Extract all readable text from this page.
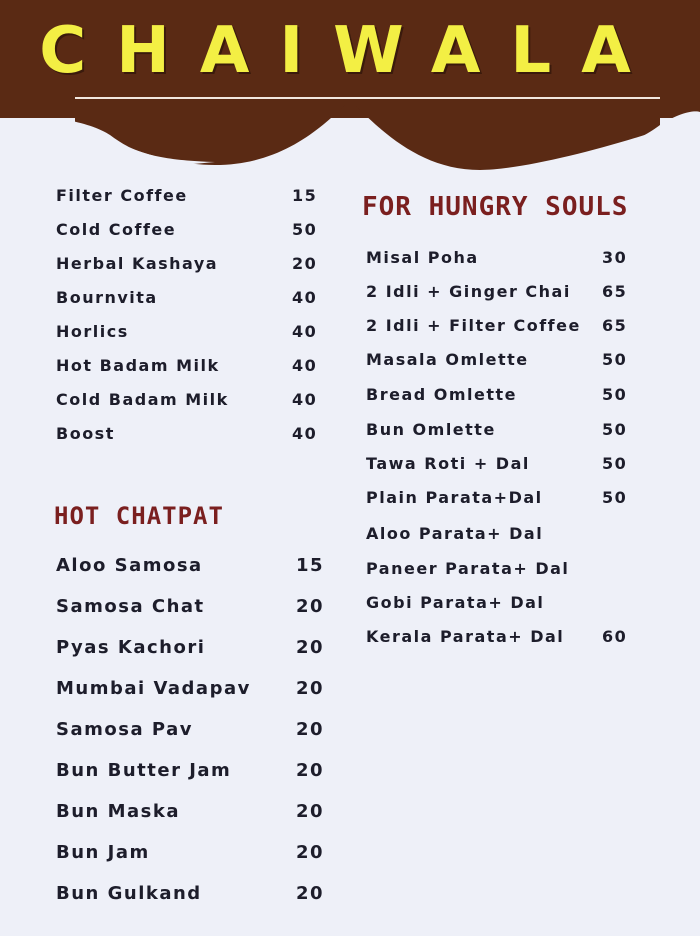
CHAIWALA
Filter Coffee	15
Cold Coffee	50
Herbal Kashaya	20
Bournvita	40
Horlics	40
Hot Badam Milk	40
Cold Badam Milk	40
Boost	40
HOT CHATPAT
Aloo Samosa	15
Samosa Chat	20
Pyas Kachori	20
Mumbai Vadapav	20
Samosa Pav	20
Bun Butter Jam	20
Bun Maska	20
Bun Jam	20
Bun Gulkand	20
FOR HUNGRY SOULS
Misal Poha	30
2 Idli + Ginger Chai 65
2 Idli + Filter Coffee 65
Masala Omlette	50
Bread Omlette	50
Bun Omlette	50
Tawa Roti + Dal	50
Plain Parata+Dal	50
Aloo Parata+ Dal
Paneer Parata+ Dal
Gobi Parata+ Dal
Kerala Parata+ Dal 60
